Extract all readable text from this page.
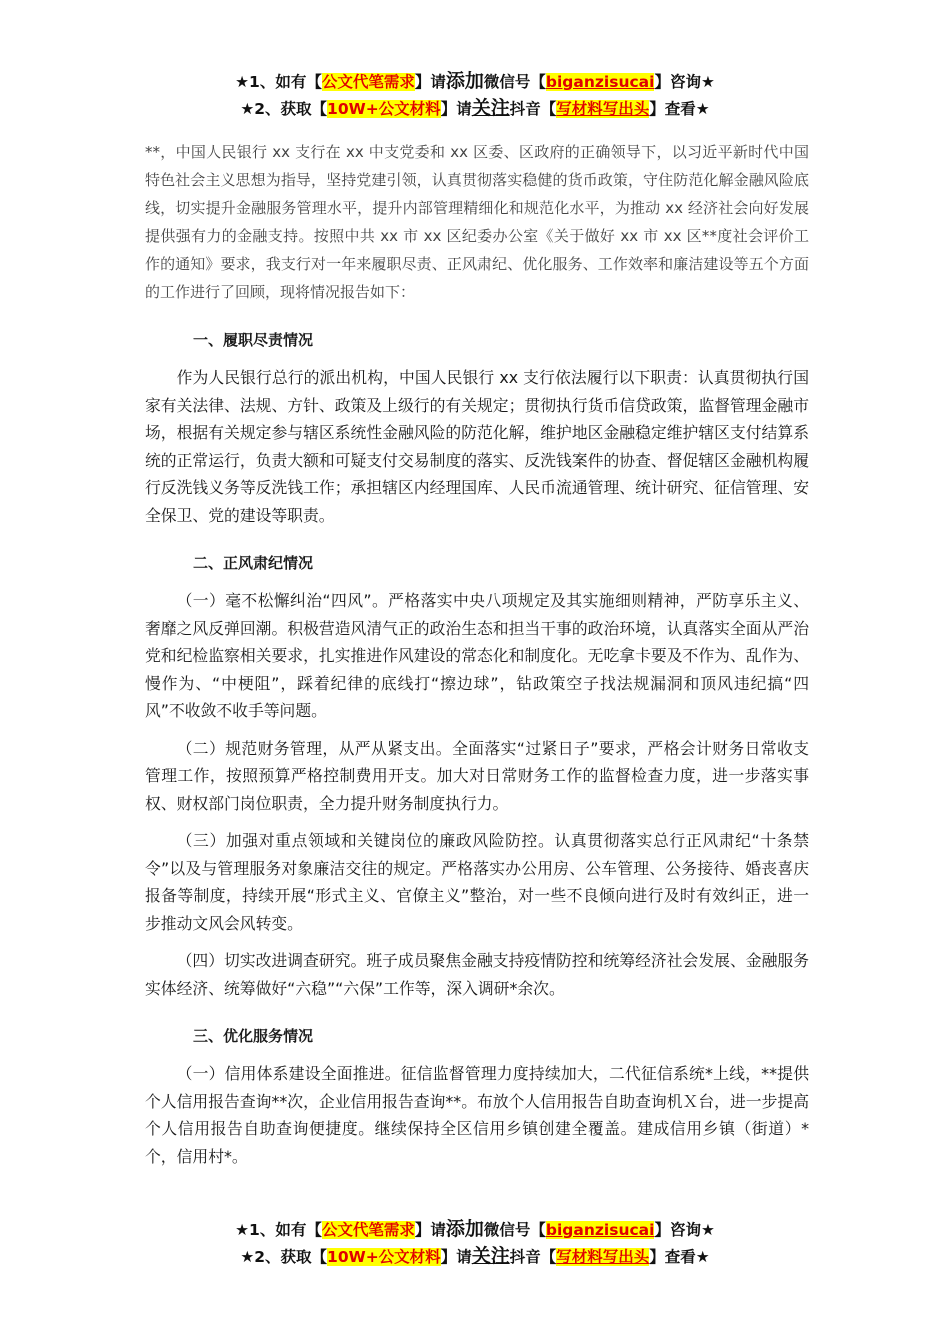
★1、如有【公文代笔需求】请添加微信号【biganzisucai】咨询★
★2、获取【10W+公文材料】请关注抖音【写材料写出头】查看★

**，中国人民银行 xx 支行在 xx 中支党委和 xx 区委、区政府的正确领导下，以习近平新时代中国特色社会主义思想为指导，坚持党建引领，认真贯彻落实稳健的货币政策，守住防范化解金融风险底线，切实提升金融服务管理水平，提升内部管理精细化和规范化水平，为推动 xx 经济社会向好发展提供强有力的金融支持。按照中共 xx 市 xx 区纪委办公室《关于做好 xx 市 xx 区**度社会评价工作的通知》要求，我支行对一年来履职尽责、正风肃纪、优化服务、工作效率和廉洁建设等五个方面的工作进行了回顾，现将情况报告如下：

一、履职尽责情况

作为人民银行总行的派出机构，中国人民银行 xx 支行依法履行以下职责：认真贯彻执行国家有关法律、法规、方针、政策及上级行的有关规定；贯彻执行货币信贷政策，监督管理金融市场，根据有关规定参与辖区系统性金融风险的防范化解，维护地区金融稳定维护辖区支付结算系统的正常运行，负责大额和可疑支付交易制度的落实、反洗钱案件的协查、督促辖区金融机构履行反洗钱义务等反洗钱工作；承担辖区内经理国库、人民币流通管理、统计研究、征信管理、安全保卫、党的建设等职责。

二、正风肃纪情况

（一）毫不松懈纠治“四风”。严格落实中央八项规定及其实施细则精神，严防享乐主义、奢靡之风反弹回潮。积极营造风清气正的政治生态和担当干事的政治环境，认真落实全面从严治党和纪检监察相关要求，扎实推进作风建设的常态化和制度化。无吃拿卡要及不作为、乱作为、慢作为、“中梗阻”，踩着纪律的底线打“擦边球”，钻政策空子找法规漏洞和顶风违纪搞“四风”不收敛不收手等问题。

（二）规范财务管理，从严从紧支出。全面落实“过紧日子”要求，严格会计财务日常收支管理工作，按照预算严格控制费用开支。加大对日常财务工作的监督检查力度，进一步落实事权、财权部门岗位职责，全力提升财务制度执行力。

（三）加强对重点领域和关键岗位的廉政风险防控。认真贯彻落实总行正风肃纪“十条禁令”以及与管理服务对象廉洁交往的规定。严格落实办公用房、公车管理、公务接待、婚丧喜庆报备等制度，持续开展“形式主义、官僚主义”整治，对一些不良倾向进行及时有效纠正，进一步推动文风会风转变。

（四）切实改进调查研究。班子成员聚焦金融支持疫情防控和统筹经济社会发展、金融服务实体经济、统筹做好“六稳”“六保”工作等，深入调研*余次。

三、优化服务情况

（一）信用体系建设全面推进。征信监督管理力度持续加大，二代征信系统*上线，**提供个人信用报告查询**次，企业信用报告查询**。布放个人信用报告自助查询机Ｘ台，进一步提高个人信用报告自助查询便捷度。继续保持全区信用乡镇创建全覆盖。建成信用乡镇（街道）*个，信用村*。

★1、如有【公文代笔需求】请添加微信号【biganzisucai】咨询★
★2、获取【10W+公文材料】请关注抖音【写材料写出头】查看★
